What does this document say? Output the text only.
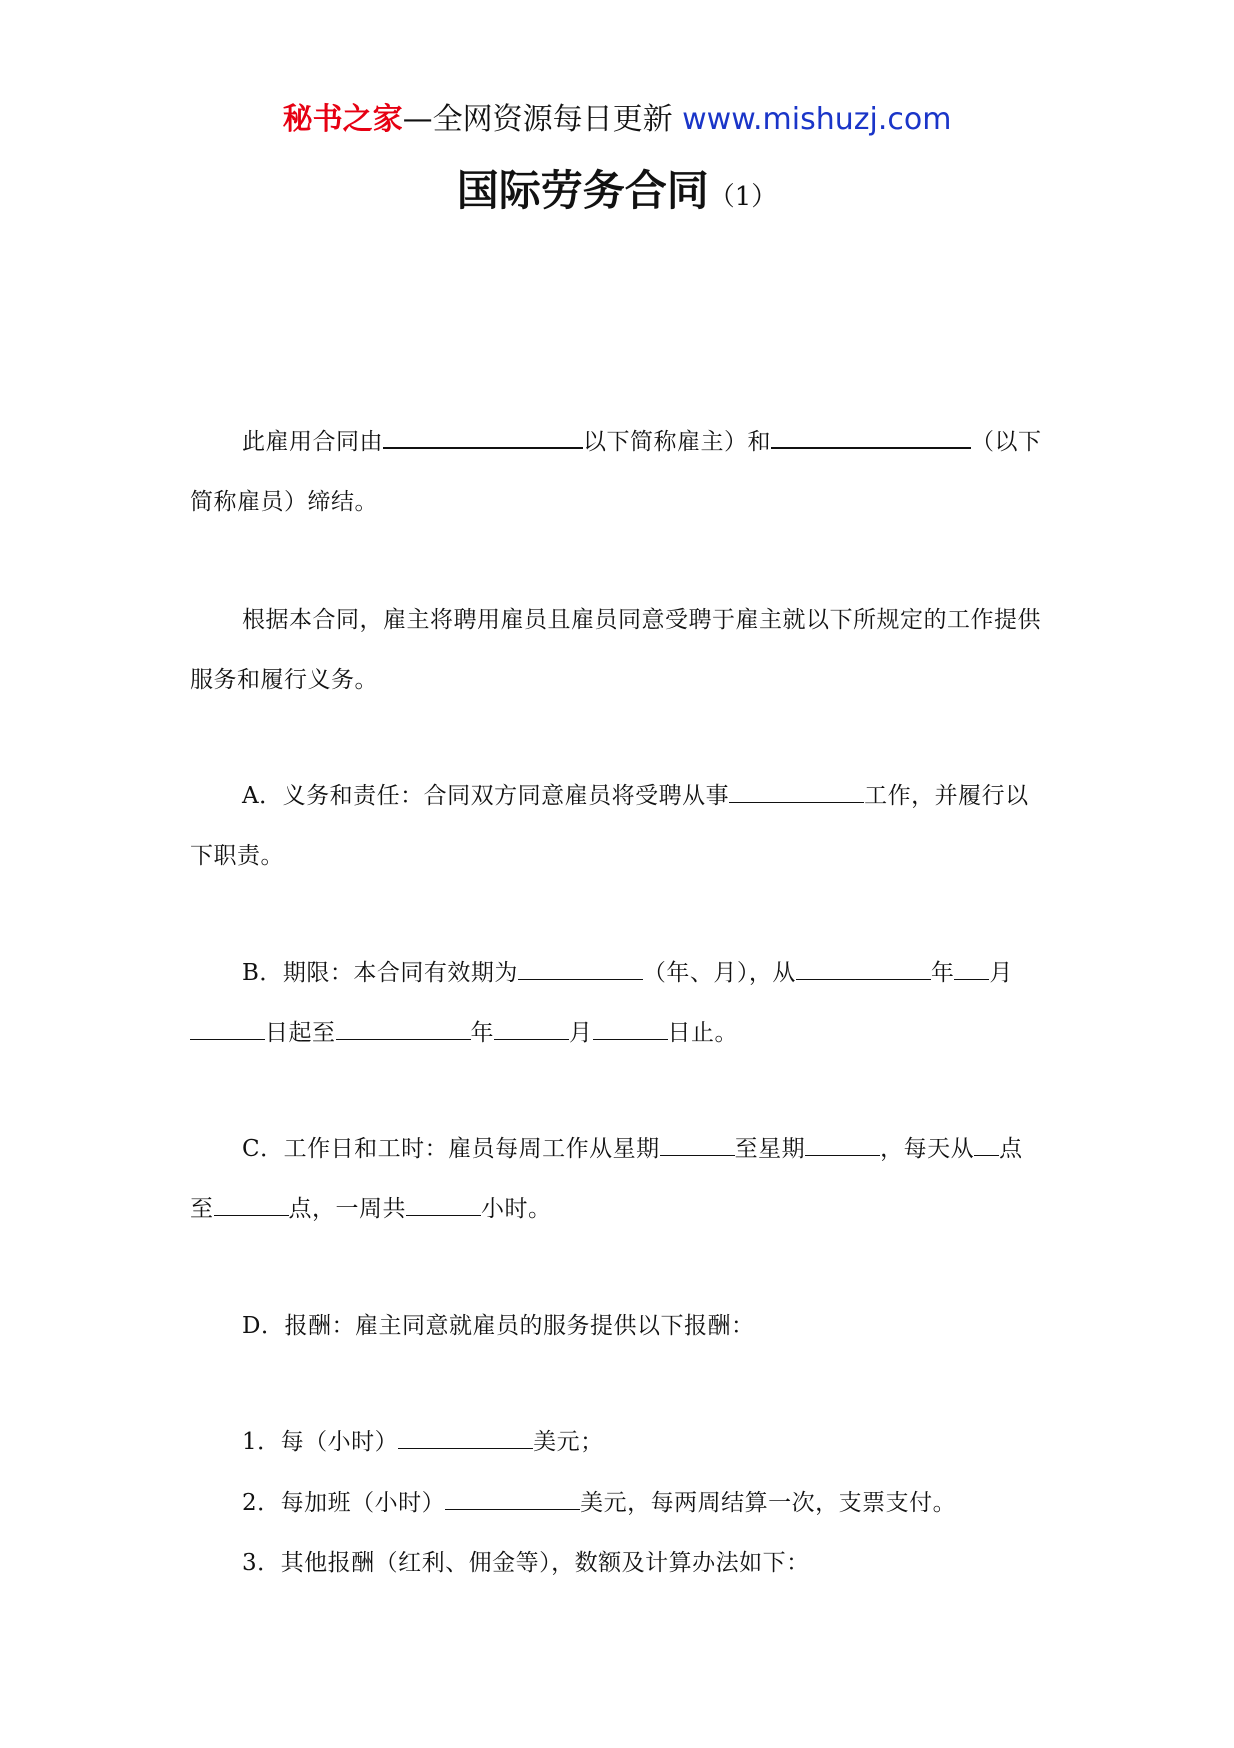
秘书之家—全网资源每日更新 www.mishuzj.com
国际劳务合同（1）
此雇用合同由	以下简称雇主）和	（以下简称雇员）缔结。
根据本合同，雇主将聘用雇员且雇员同意受聘于雇主就以下所规定的工作提供服务和履行义务。
A．义务和责任：合同双方同意雇员将受聘从事	工作，并履行以下职责。
B．期限：本合同有效期为	（年、月），从	年 月日起至	年	月	日止。
C．工作日和工时：雇员每周工作从星期	至星期	，每天从 点至	点，一周共	小时。
D．报酬：雇主同意就雇员的服务提供以下报酬：
1．每（小时）	美元；
2．每加班（小时）	美元，每两周结算一次，支票支付。
3．其他报酬（红利、佣金等），数额及计算办法如下：
